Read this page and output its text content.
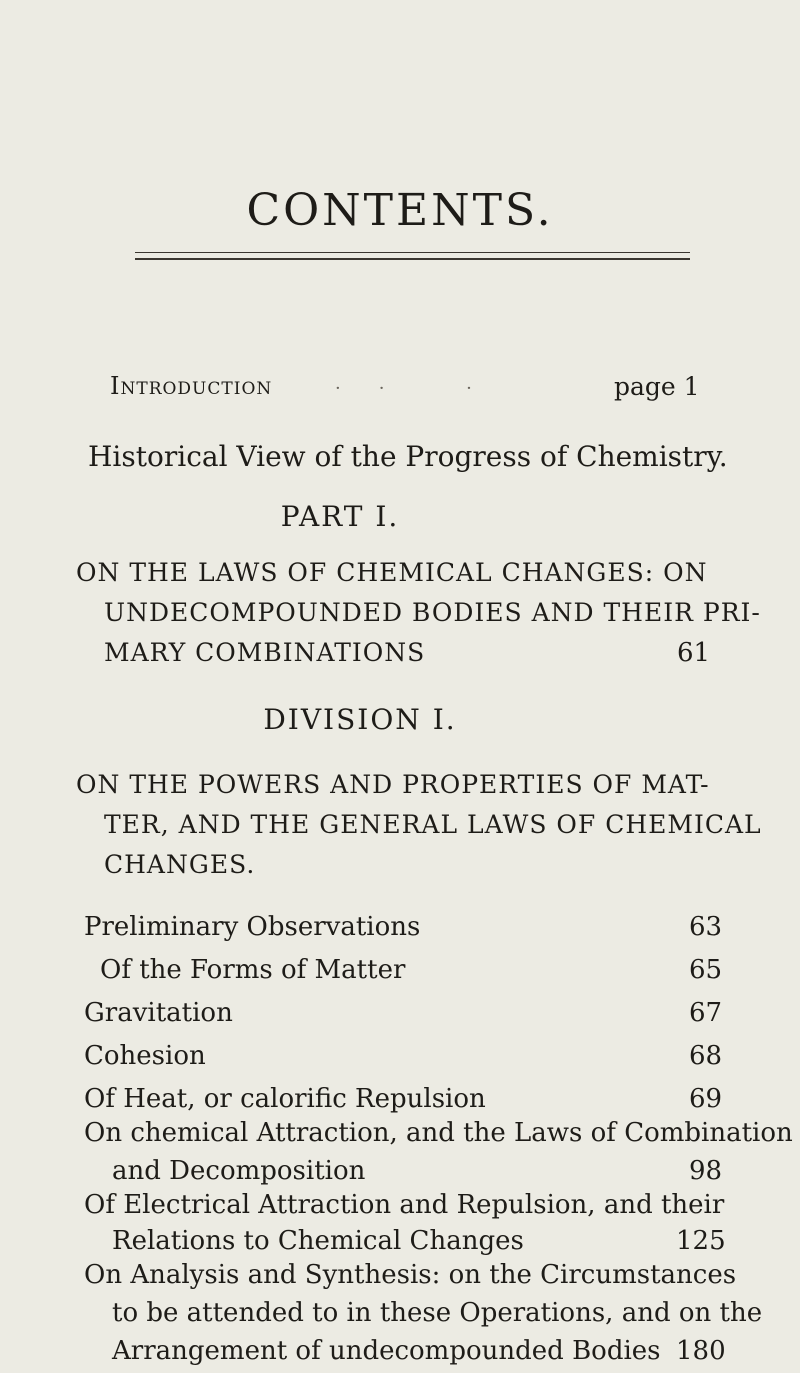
CONTENTS.
Introduction	·· ·	page 1
Historical View of the Progress of Chemistry.
PART I.
ON THE LAWS OF CHEMICAL CHANGES: ON
UNDECOMPOUNDED BODIES AND THEIR PRI-
MARY COMBINATIONS	61
DIVISION I.
ON THE POWERS AND PROPERTIES OF MAT-
TER, AND THE GENERAL LAWS OF CHEMICAL
CHANGES.
Preliminary Observations	63
Of the Forms of Matter	65
Gravitation	67
Cohesion	68
Of Heat, or calorific Repulsion	69
On chemical Attraction, and the Laws of Combination
and Decomposition	98
Of Electrical Attraction and Repulsion, and their
Relations to Chemical Changes	125
On Analysis and Synthesis: on the Circumstances
to be attended to in these Operations, and on the
Arrangement of undecompounded Bodies 180
